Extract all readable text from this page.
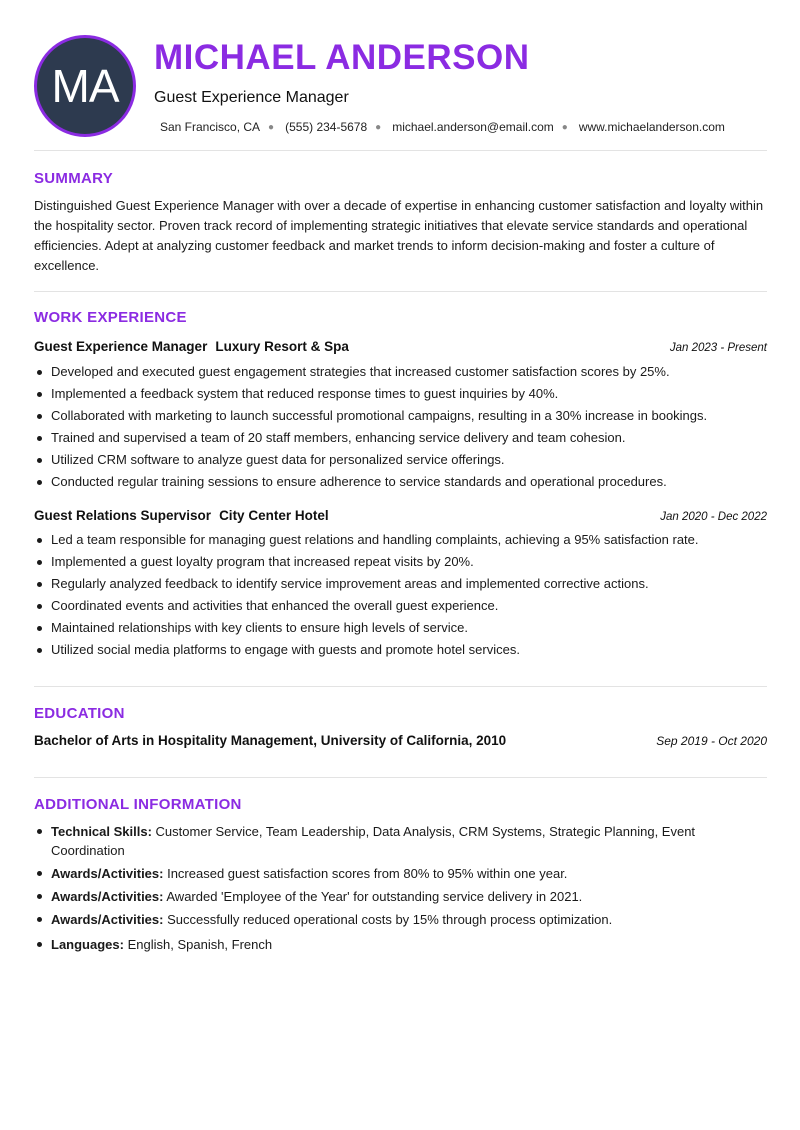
MA
MICHAEL ANDERSON
Guest Experience Manager
San Francisco, CA ● (555) 234-5678 ● michael.anderson@email.com ● www.michaelanderson.com
SUMMARY

Distinguished Guest Experience Manager with over a decade of expertise in enhancing customer satisfaction and loyalty within the hospitality sector. Proven track record of implementing strategic initiatives that elevate service standards and operational efficiencies. Adept at analyzing customer feedback and market trends to inform decision-making and foster a culture of excellence.

WORK EXPERIENCE
Guest Experience Manager Luxury Resort & Spa	Jan 2023 - Present
Developed and executed guest engagement strategies that increased customer satisfaction scores by 25%.
Implemented a feedback system that reduced response times to guest inquiries by 40%.
Collaborated with marketing to launch successful promotional campaigns, resulting in a 30% increase in bookings.
Trained and supervised a team of 20 staff members, enhancing service delivery and team cohesion.
Utilized CRM software to analyze guest data for personalized service offerings.
Conducted regular training sessions to ensure adherence to service standards and operational procedures.
Guest Relations Supervisor City Center Hotel	Jan 2020 - Dec 2022
Led a team responsible for managing guest relations and handling complaints, achieving a 95% satisfaction rate.
Implemented a guest loyalty program that increased repeat visits by 20%.
Regularly analyzed feedback to identify service improvement areas and implemented corrective actions.
Coordinated events and activities that enhanced the overall guest experience.
Maintained relationships with key clients to ensure high levels of service.
Utilized social media platforms to engage with guests and promote hotel services.
EDUCATION
Bachelor of Arts in Hospitality Management, University of California, 2010	Sep 2019 - Oct 2020
ADDITIONAL INFORMATION
Technical Skills: Customer Service, Team Leadership, Data Analysis, CRM Systems, Strategic Planning, Event Coordination
Awards/Activities: Increased guest satisfaction scores from 80% to 95% within one year.
Awards/Activities: Awarded 'Employee of the Year' for outstanding service delivery in 2021.
Awards/Activities: Successfully reduced operational costs by 15% through process optimization.
Languages: English, Spanish, French
